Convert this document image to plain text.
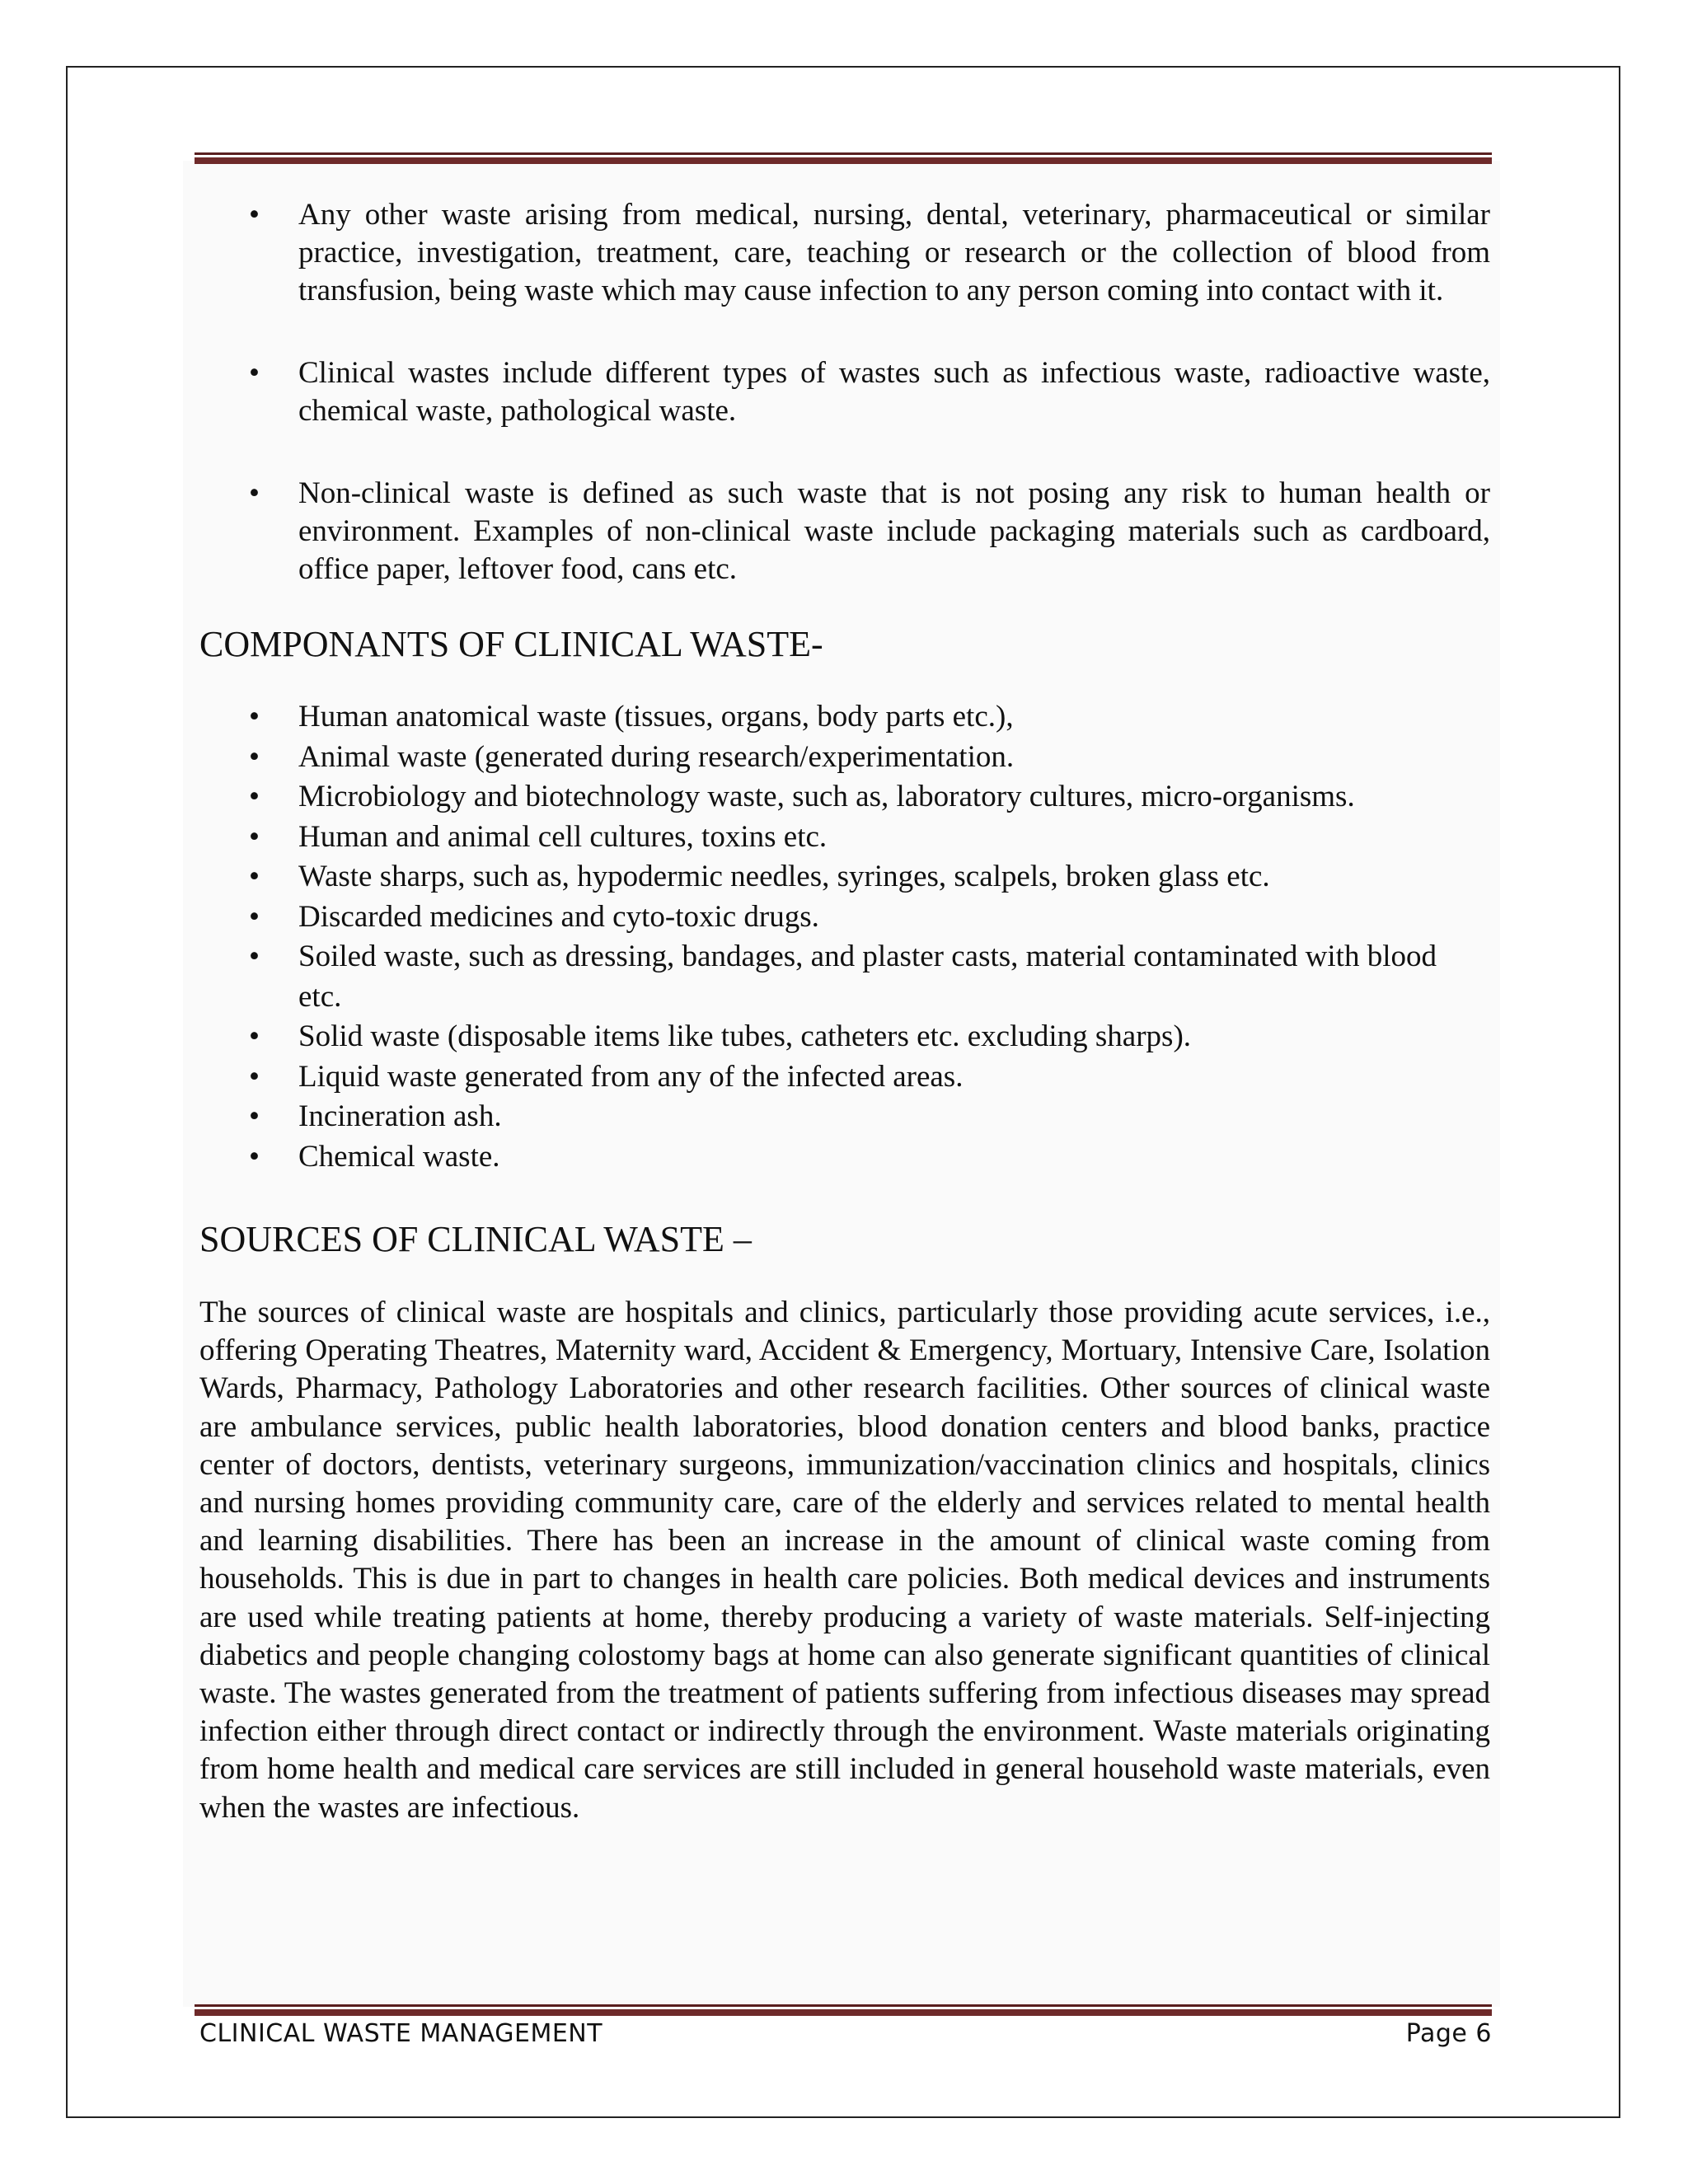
• Any other waste arising from medical, nursing, dental, veterinary, pharmaceutical or similar practice, investigation, treatment, care, teaching or research or the collection of blood from transfusion, being waste which may cause infection to any person coming into contact with it.
• Clinical wastes include different types of wastes such as infectious waste, radioactive waste, chemical waste, pathological waste.
• Non-clinical waste is defined as such waste that is not posing any risk to human health or environment. Examples of non-clinical waste include packaging materials such as cardboard, office paper, leftover food, cans etc.
COMPONANTS OF CLINICAL WASTE-
• Human anatomical waste (tissues, organs, body parts etc.),
• Animal waste (generated during research/experimentation.
• Microbiology and biotechnology waste, such as, laboratory cultures, micro-organisms.
• Human and animal cell cultures, toxins etc.
• Waste sharps, such as, hypodermic needles, syringes, scalpels, broken glass etc.
• Discarded medicines and cyto-toxic drugs.
• Soiled waste, such as dressing, bandages, and plaster casts, material contaminated with blood etc.
• Solid waste (disposable items like tubes, catheters etc. excluding sharps).
• Liquid waste generated from any of the infected areas.
• Incineration ash.
• Chemical waste.
SOURCES OF CLINICAL WASTE –

The sources of clinical waste are hospitals and clinics, particularly those providing acute services, i.e., offering Operating Theatres, Maternity ward, Accident & Emergency, Mortuary, Intensive Care, Isolation Wards, Pharmacy, Pathology Laboratories and other research facilities. Other sources of clinical waste are ambulance services, public health laboratories, blood donation centers and blood banks, practice center of doctors, dentists, veterinary surgeons, immunization/vaccination clinics and hospitals, clinics and nursing homes providing community care, care of the elderly and services related to mental health and learning disabilities. There has been an increase in the amount of clinical waste coming from households. This is due in part to changes in health care policies. Both medical devices and instruments are used while treating patients at home, thereby producing a variety of waste materials. Self-injecting diabetics and people changing colostomy bags at home can also generate significant quantities of clinical waste. The wastes generated from the treatment of patients suffering from infectious diseases may spread infection either through direct contact or indirectly through the environment. Waste materials originating from home health and medical care services are still included in general household waste materials, even when the wastes are infectious.

CLINICAL WASTE MANAGEMENT	Page 6
